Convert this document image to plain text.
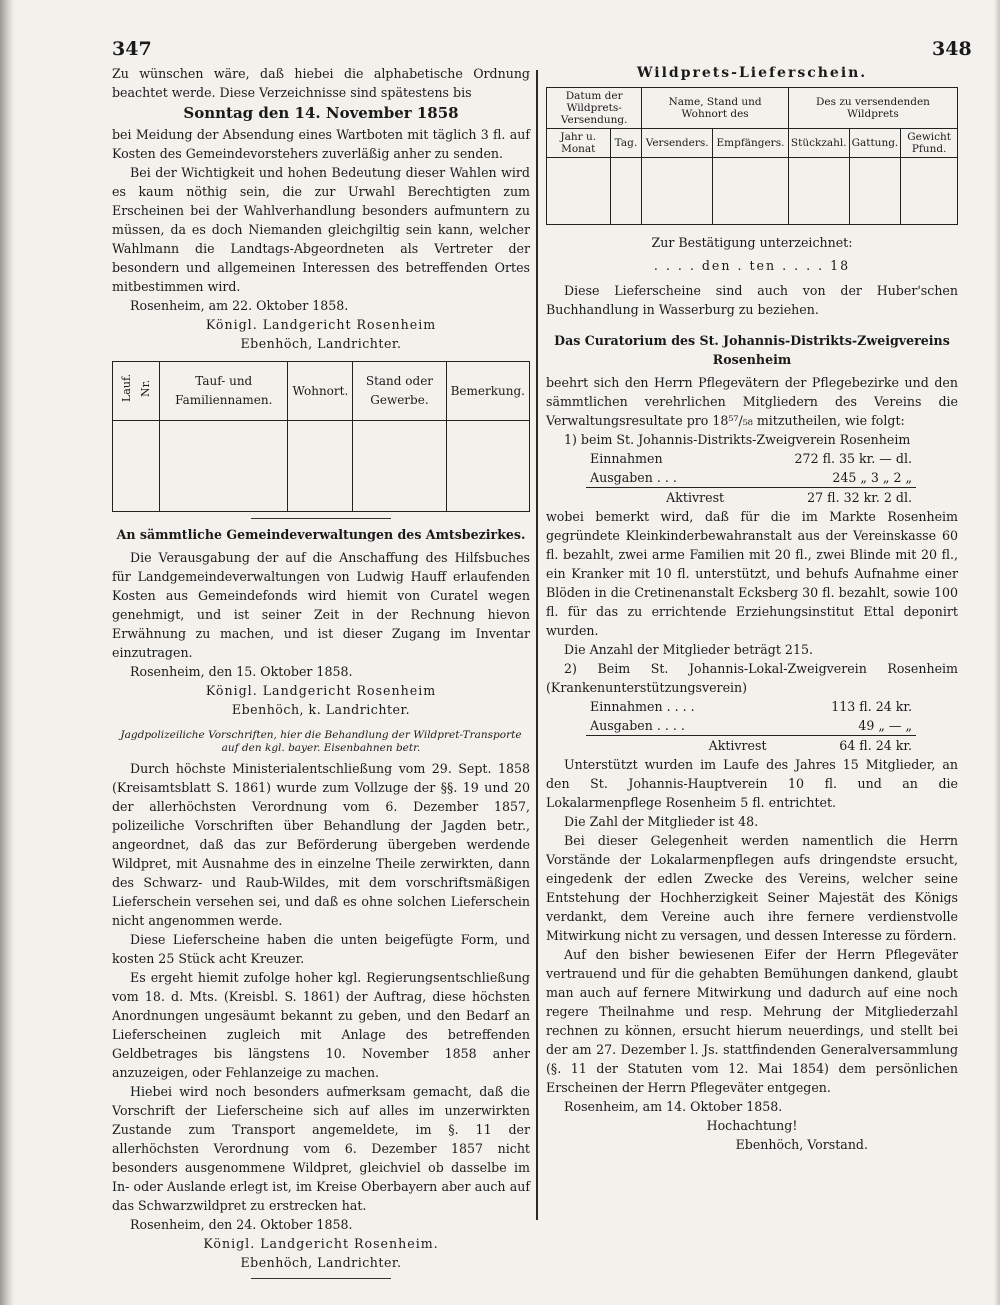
347	348

Zu wünschen wäre, daß hiebei die alphabetische Ordnung beachtet werde. Diese Verzeichnisse sind spätestens bis

Sonntag den 14. November 1858

bei Meidung der Absendung eines Wartboten mit täglich 3 fl. auf Kosten des Gemeindevorstehers zuverläßig anher zu senden.

Bei der Wichtigkeit und hohen Bedeutung dieser Wahlen wird es kaum nöthig sein, die zur Urwahl Berechtigten zum Erscheinen bei der Wahlverhandlung besonders aufmuntern zu müssen, da es doch Niemanden gleichgiltig sein kann, welcher Wahlmann die Landtags-Abgeordneten als Vertreter der besondern und allgemeinen Interessen des betreffenden Ortes mitbestimmen wird.

Rosenheim, am 22. Oktober 1858.

Königl. Landgericht Rosenheim
Ebenhöch, Landrichter.
Lauf. Nr.	Tauf- und Familiennamen.	Wohnort.	Stand oder Gewerbe.	Bemerkung.

An sämmtliche Gemeindeverwaltungen des Amtsbezirkes.

Die Verausgabung der auf die Anschaffung des Hilfsbuches für Landgemeindeverwaltungen von Ludwig Hauff erlaufenden Kosten aus Gemeindefonds wird hiemit von Curatel wegen genehmigt, und ist seiner Zeit in der Rechnung hievon Erwähnung zu machen, und ist dieser Zugang im Inventar einzutragen.

Rosenheim, den 15. Oktober 1858.

Königl. Landgericht Rosenheim
Ebenhöch, k. Landrichter.
Jagdpolizeiliche Vorschriften, hier die Behandlung der Wildpret-Transporte auf den kgl. bayer. Eisenbahnen betr.

Durch höchste Ministerialentschließung vom 29. Sept. 1858 (Kreisamtsblatt S. 1861) wurde zum Vollzuge der §§. 19 und 20 der allerhöchsten Verordnung vom 6. Dezember 1857, polizeiliche Vorschriften über Behandlung der Jagden betr., angeordnet, daß das zur Beförderung übergeben werdende Wildpret, mit Ausnahme des in einzelne Theile zerwirkten, dann des Schwarz- und Raub-Wildes, mit dem vorschriftsmäßigen Lieferschein versehen sei, und daß es ohne solchen Lieferschein nicht angenommen werde.

Diese Lieferscheine haben die unten beigefügte Form, und kosten 25 Stück acht Kreuzer.

Es ergeht hiemit zufolge hoher kgl. Regierungsentschließung vom 18. d. Mts. (Kreisbl. S. 1861) der Auftrag, diese höchsten Anordnungen ungesäumt bekannt zu geben, und den Bedarf an Lieferscheinen zugleich mit Anlage des betreffenden Geldbetrages bis längstens 10. November 1858 anher anzuzeigen, oder Fehlanzeige zu machen.

Hiebei wird noch besonders aufmerksam gemacht, daß die Vorschrift der Lieferscheine sich auf alles im unzerwirkten Zustande zum Transport angemeldete, im §. 11 der allerhöchsten Verordnung vom 6. Dezember 1857 nicht besonders ausgenommene Wildpret, gleichviel ob dasselbe im In- oder Auslande erlegt ist, im Kreise Oberbayern aber auch auf das Schwarzwildpret zu erstrecken hat.

Rosenheim, den 24. Oktober 1858.

Königl. Landgericht Rosenheim.
Ebenhöch, Landrichter.
Wildprets-Lieferschein.
Datum der Wildprets-Versendung.		Name, Stand und Wohnort des		Des zu versendenden Wildprets		
Jahr u. Monat	Tag.	Versenders.	Empfängers.	Stückzahl.	Gattung.	Gewicht Pfund.

Zur Bestätigung unterzeichnet:
. . . . den . ten . . . . 18

Diese Lieferscheine sind auch von der Huber'schen Buchhandlung in Wasserburg zu beziehen.

Das Curatorium des St. Johannis-Distrikts-Zweigvereins Rosenheim

beehrt sich den Herrn Pflegevätern der Pflegebezirke und den sämmtlichen verehrlichen Mitgliedern des Vereins die Verwaltungsresultate pro 18⁵⁷/₅₈ mitzutheilen, wie folgt:

1) beim St. Johannis-Distrikts-Zweigverein Rosenheim

Einnahmen	272 fl. 35 kr. — dl.
Ausgaben . . .	245 „ 3 „ 2 „
Aktivrest	27 fl. 32 kr. 2 dl.

wobei bemerkt wird, daß für die im Markte Rosenheim gegründete Kleinkinderbewahranstalt aus der Vereinskasse 60 fl. bezahlt, zwei arme Familien mit 20 fl., zwei Blinde mit 20 fl., ein Kranker mit 10 fl. unterstützt, und behufs Aufnahme einer Blöden in die Cretinenanstalt Ecksberg 30 fl. bezahlt, sowie 100 fl. für das zu errichtende Erziehungsinstitut Ettal deponirt wurden.

Die Anzahl der Mitglieder beträgt 215.

2) Beim St. Johannis-Lokal-Zweigverein Rosenheim (Krankenunterstützungsverein)

Einnahmen . . . .	113 fl. 24 kr.
Ausgaben . . . .	49 „ — „
Aktivrest	64 fl. 24 kr.

Unterstützt wurden im Laufe des Jahres 15 Mitglieder, an den St. Johannis-Hauptverein 10 fl. und an die Lokalarmenpflege Rosenheim 5 fl. entrichtet.

Die Zahl der Mitglieder ist 48.

Bei dieser Gelegenheit werden namentlich die Herrn Vorstände der Lokalarmenpflegen aufs dringendste ersucht, eingedenk der edlen Zwecke des Vereins, welcher seine Entstehung der Hochherzigkeit Seiner Majestät des Königs verdankt, dem Vereine auch ihre fernere verdienstvolle Mitwirkung nicht zu versagen, und dessen Interesse zu fördern.

Auf den bisher bewiesenen Eifer der Herrn Pflegeväter vertrauend und für die gehabten Bemühungen dankend, glaubt man auch auf fernere Mitwirkung und dadurch auf eine noch regere Theilnahme und resp. Mehrung der Mitgliederzahl rechnen zu können, ersucht hierum neuerdings, und stellt bei der am 27. Dezember l. Js. stattfindenden Generalversammlung (§. 11 der Statuten vom 12. Mai 1854) dem persönlichen Erscheinen der Herrn Pflegeväter entgegen.

Rosenheim, am 14. Oktober 1858.

Hochachtung!
Ebenhöch, Vorstand.
